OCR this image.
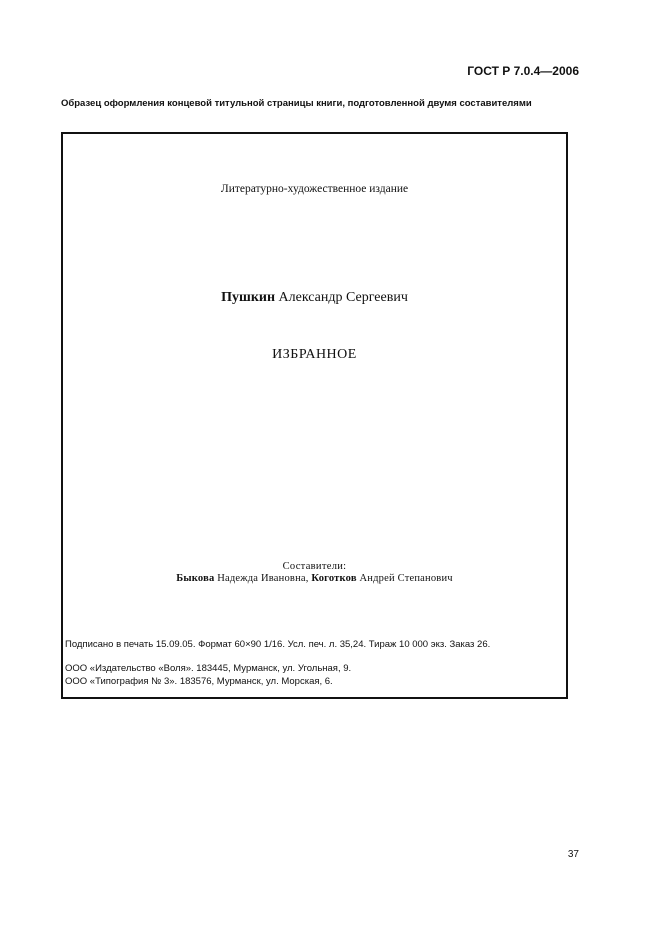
ГОСТ Р 7.0.4—2006
Образец оформления концевой титульной страницы книги, подготовленной двумя составителями
Литературно-художественное издание
Пушкин Александр Сергеевич
ИЗБРАННОЕ
Составители:
Быкова Надежда Ивановна, Коготков Андрей Степанович
Подписано в печать 15.09.05. Формат 60×90 1/16. Усл. печ. л. 35,24. Тираж 10 000 экз. Заказ 26.
ООО «Издательство «Воля». 183445, Мурманск, ул. Угольная, 9.
ООО «Типография № 3». 183576, Мурманск, ул. Морская, 6.
37
